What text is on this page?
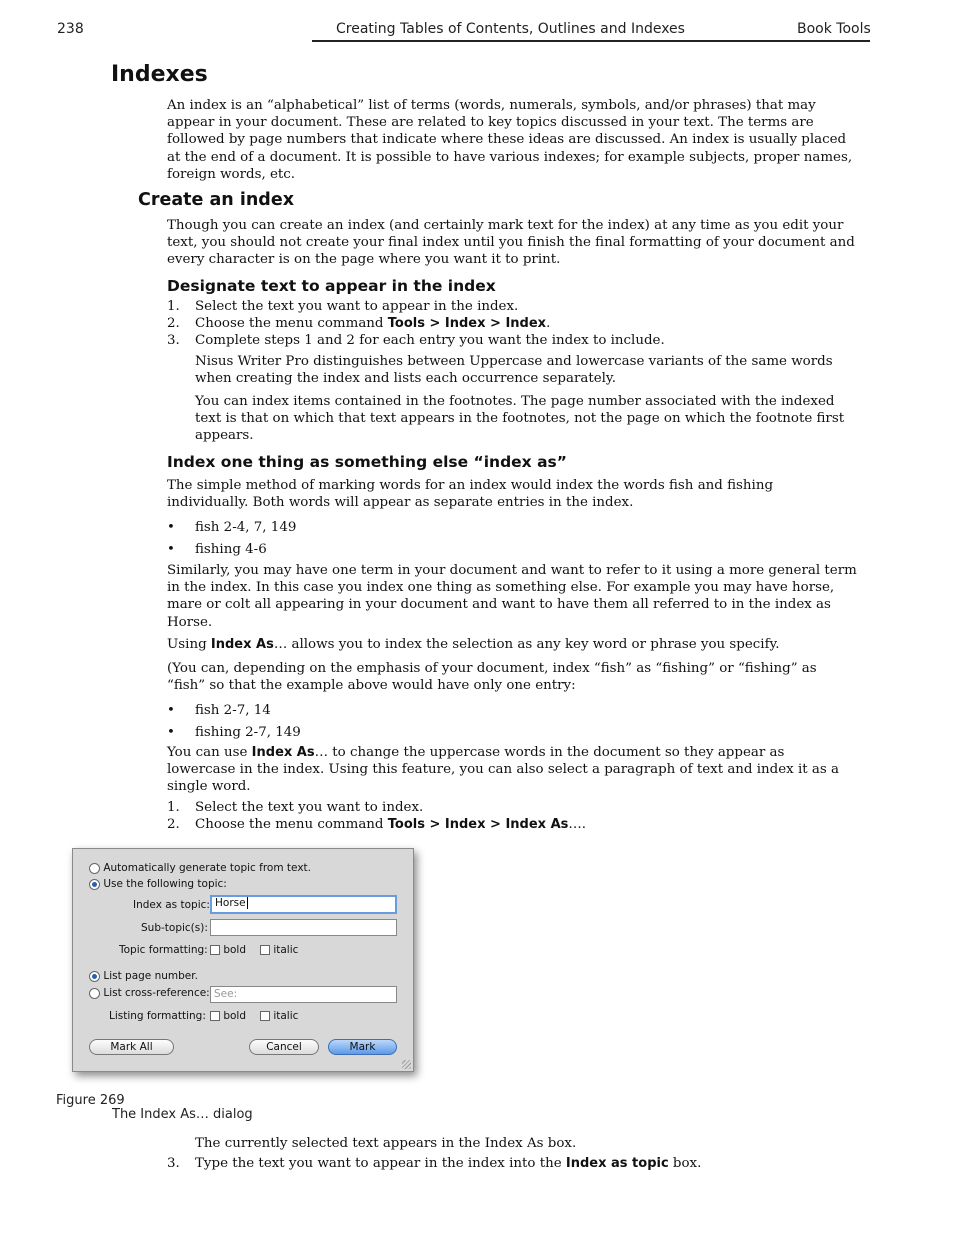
238	Creating Tables of Contents, Outlines and Indexes	Book Tools
Indexes

An index is an “alphabetical” list of terms (words, numerals, symbols, and/or phrases) that may appear in your document. These are related to key topics discussed in your text. The terms are followed by page numbers that indicate where these ideas are discussed. An index is usually placed at the end of a document. It is possible to have various indexes; for example subjects, proper names, foreign words, etc.

Create an index

Though you can create an index (and certainly mark text for the index) at any time as you edit your text, you should not create your final index until you finish the final formatting of your document and every character is on the page where you want it to print.

Designate text to appear in the index
1. Select the text you want to appear in the index.
2. Choose the menu command Tools > Index > Index.
3. Complete steps 1 and 2 for each entry you want the index to include.

Nisus Writer Pro distinguishes between Uppercase and lowercase variants of the same words when creating the index and lists each occurrence separately.

You can index items contained in the footnotes. The page number associated with the indexed text is that on which that text appears in the footnotes, not the page on which the footnote first appears.

Index one thing as something else “index as”

The simple method of marking words for an index would index the words fish and fishing individually. Both words will appear as separate entries in the index.

• fish 2-4, 7, 149
• fishing 4-6

Similarly, you may have one term in your document and want to refer to it using a more general term in the index. In this case you index one thing as something else. For example you may have horse, mare or colt all appearing in your document and want to have them all referred to in the index as Horse.

Using Index As… allows you to index the selection as any key word or phrase you specify.

(You can, depending on the emphasis of your document, index “fish” as “fishing” or “fishing” as “fish” so that the example above would have only one entry:

• fish 2-7, 14
• fishing 2-7, 149

You can use Index As… to change the uppercase words in the document so they appear as lowercase in the index. Using this feature, you can also select a paragraph of text and index it as a single word.

1. Select the text you want to index.
2. Choose the menu command Tools > Index > Index As….
Automatically generate topic from text.
Use the following topic:
Index as topic: Horse
Sub-topic(s):
Topic formatting:	bold	italic
List page number.
List cross-reference: See:
Listing formatting:	bold	italic
Mark All	Cancel	Mark
Figure 269
The Index As… dialog

The currently selected text appears in the Index As box.

3. Type the text you want to appear in the index into the Index as topic box.
